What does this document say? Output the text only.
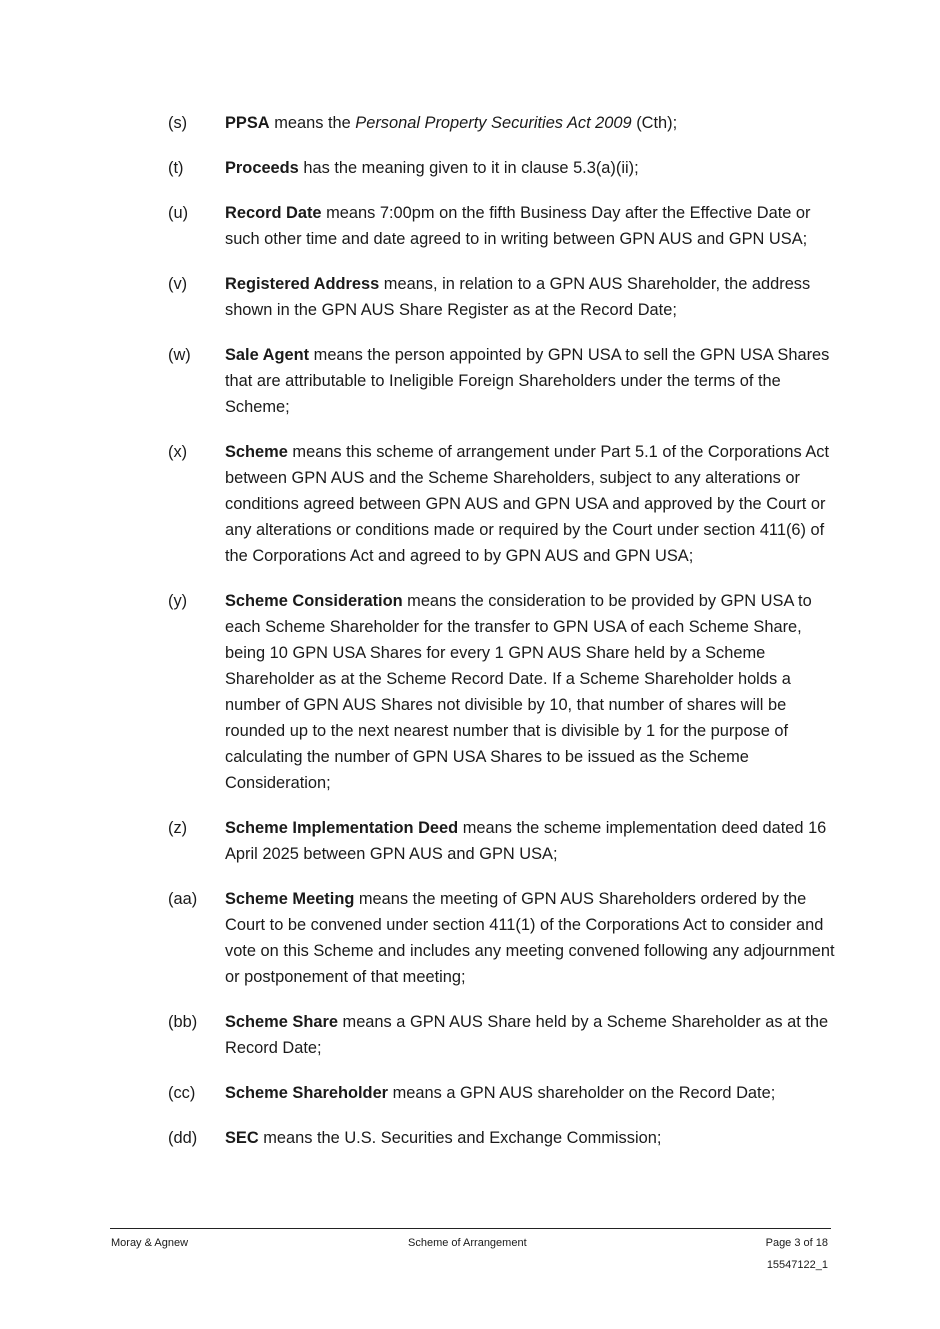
(s)	PPSA means the Personal Property Securities Act 2009 (Cth);
(t)	Proceeds has the meaning given to it in clause 5.3(a)(ii);
(u)	Record Date means 7:00pm on the fifth Business Day after the Effective Date or such other time and date agreed to in writing between GPN AUS and GPN USA;
(v)	Registered Address means, in relation to a GPN AUS Shareholder, the address shown in the GPN AUS Share Register as at the Record Date;
(w)	Sale Agent means the person appointed by GPN USA to sell the GPN USA Shares that are attributable to Ineligible Foreign Shareholders under the terms of the Scheme;
(x)	Scheme means this scheme of arrangement under Part 5.1 of the Corporations Act between GPN AUS and the Scheme Shareholders, subject to any alterations or conditions agreed between GPN AUS and GPN USA and approved by the Court or any alterations or conditions made or required by the Court under section 411(6) of the Corporations Act and agreed to by GPN AUS and GPN USA;
(y)	Scheme Consideration means the consideration to be provided by GPN USA to each Scheme Shareholder for the transfer to GPN USA of each Scheme Share, being 10 GPN USA Shares for every 1 GPN AUS Share held by a Scheme Shareholder as at the Scheme Record Date. If a Scheme Shareholder holds a number of GPN AUS Shares not divisible by 10, that number of shares will be rounded up to the next nearest number that is divisible by 1 for the purpose of calculating the number of GPN USA Shares to be issued as the Scheme Consideration;
(z)	Scheme Implementation Deed means the scheme implementation deed dated 16 April 2025 between GPN AUS and GPN USA;
(aa)	Scheme Meeting means the meeting of GPN AUS Shareholders ordered by the Court to be convened under section 411(1) of the Corporations Act to consider and vote on this Scheme and includes any meeting convened following any adjournment or postponement of that meeting;
(bb)	Scheme Share means a GPN AUS Share held by a Scheme Shareholder as at the Record Date;
(cc)	Scheme Shareholder means a GPN AUS shareholder on the Record Date;
(dd)	SEC means the U.S. Securities and Exchange Commission;
Moray & Agnew	Scheme of Arrangement	Page 3 of 18
15547122_1
